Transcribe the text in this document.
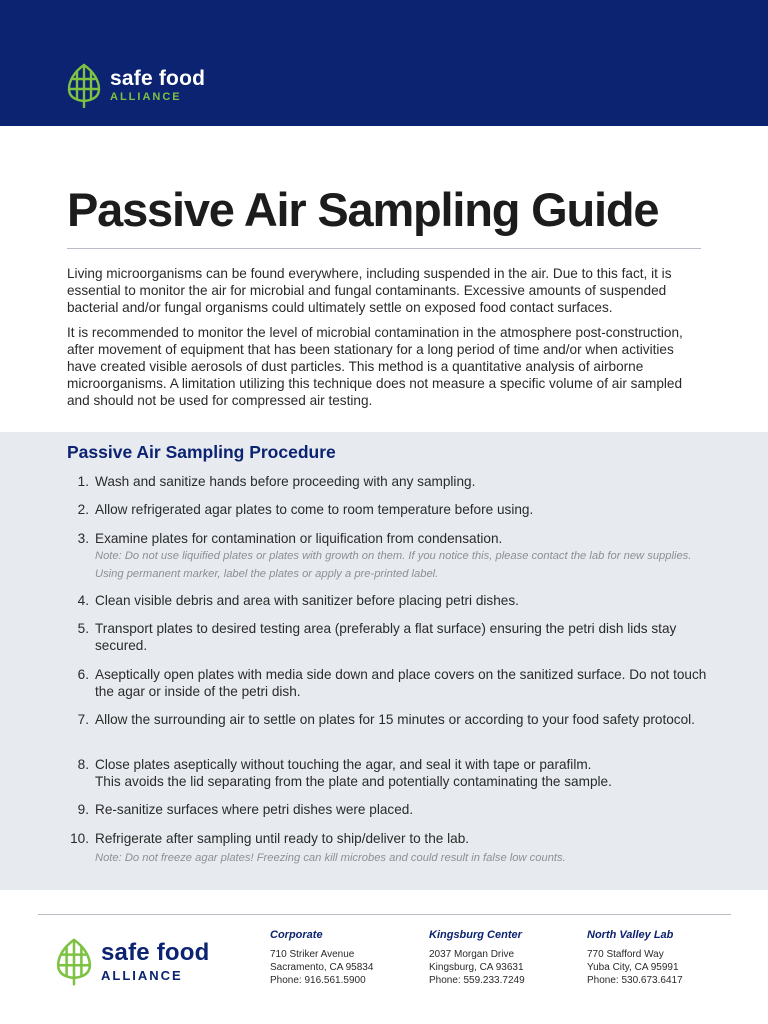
safe food
ALLIANCE
Passive Air Sampling Guide

Living microorganisms can be found everywhere, including suspended in the air. Due to this fact, it is essential to monitor the air for microbial and fungal contaminants. Excessive amounts of suspended bacterial and/or fungal organisms could ultimately settle on exposed food contact surfaces.

It is recommended to monitor the level of microbial contamination in the atmosphere post-construction, after movement of equipment that has been stationary for a long period of time and/or when activities have created visible aerosols of dust particles. This method is a quantitative analysis of airborne microorganisms. A limitation utilizing this technique does not measure a specific volume of air sampled and should not be used for compressed air testing.

Passive Air Sampling Procedure
1. Wash and sanitize hands before proceeding with any sampling.
2. Allow refrigerated agar plates to come to room temperature before using.
3. Examine plates for contamination or liquification from condensation.
Note: Do not use liquified plates or plates with growth on them. If you notice this, please contact the lab for new supplies. Using permanent marker, label the plates or apply a pre-printed label.
4. Clean visible debris and area with sanitizer before placing petri dishes.
5. Transport plates to desired testing area (preferably a flat surface) ensuring the petri dish lids stay secured.
6. Aseptically open plates with media side down and place covers on the sanitized surface. Do not touch the agar or inside of the petri dish.
7. Allow the surrounding air to settle on plates for 15 minutes or according to your food safety protocol.
8. Close plates aseptically without touching the agar, and seal it with tape or parafilm.
This avoids the lid separating from the plate and potentially contaminating the sample.
9. Re-sanitize surfaces where petri dishes were placed.
10. Refrigerate after sampling until ready to ship/deliver to the lab.
Note: Do not freeze agar plates! Freezing can kill microbes and could result in false low counts.
safe food
ALLIANCE
Corporate
710 Striker Avenue
Sacramento, CA 95834
Phone: 916.561.5900
Kingsburg Center
2037 Morgan Drive
Kingsburg, CA 93631
Phone: 559.233.7249
North Valley Lab
770 Stafford Way
Yuba City, CA 95991
Phone: 530.673.6417
